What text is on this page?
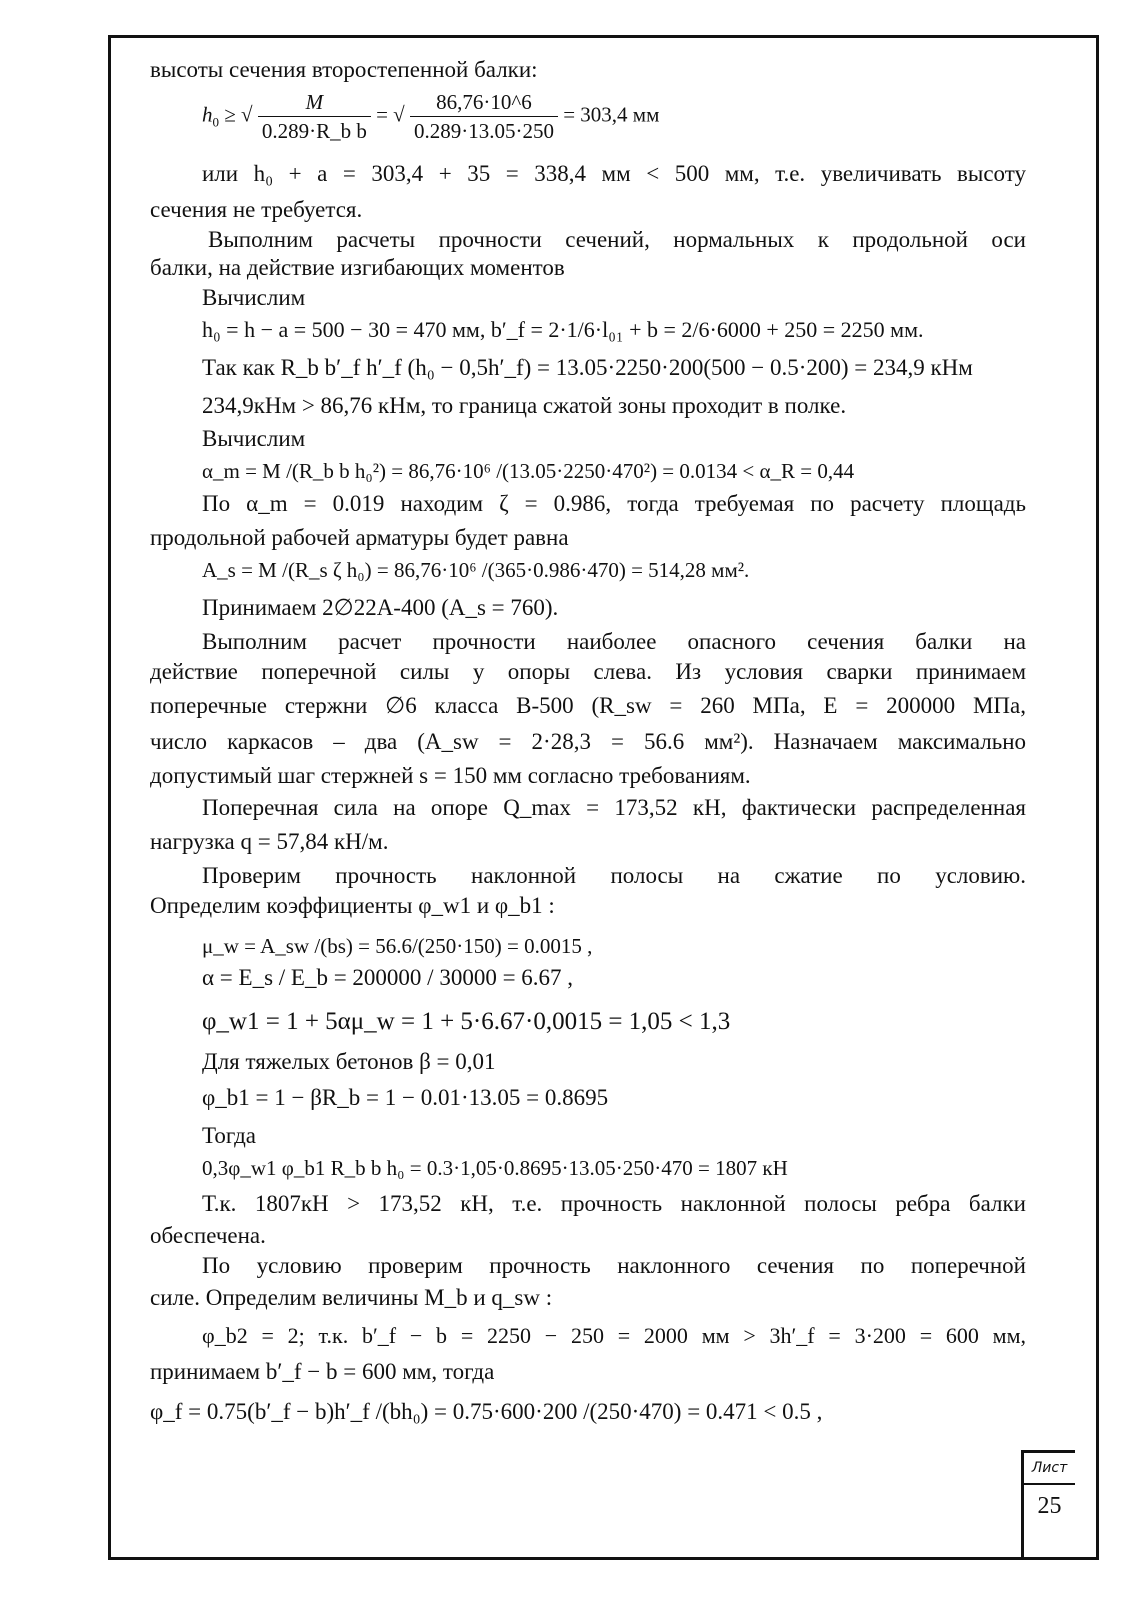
высоты сечения второстепенной балки:
$h_0$ ≥ √ $\frac{M}{\text{0.289·R\_b b}}$ = √ $\frac{86,76\cdot 10\^{}6}{0.289\cdot 13.05\cdot 250} = 303,4$ мм
или h₀ + a = 303,4 + 35 = 338,4 мм < 500 мм, т.е. увеличивать высоту
сечения не требуется.
Выполним расчеты прочности сечений, нормальных к продольной оси
балки, на действие изгибающих моментов
Вычислим
h₀ = h − a = 500 − 30 = 470 мм, b′_f = 2·1/6·l₀₁ + b = 2/6·6000 + 250 = 2250 мм.
Так как R_b b′_f h′_f (h₀ − 0,5h′_f) = 13.05·2250·200(500 − 0.5·200) = 234,9 кНм
234,9кНм > 86,76 кНм, то граница сжатой зоны проходит в полке.
Вычислим
α_m = M /(R_b b h₀²) = 86,76·10⁶ /(13.05·2250·470²) = 0.0134 < α_R = 0,44
По α_m = 0.019 находим ζ = 0.986, тогда требуемая по расчету площадь
продольной рабочей арматуры будет равна
A_s = M /(R_s ζ h₀) = 86,76·10⁶ /(365·0.986·470) = 514,28 мм².
Принимаем 2∅22А-400 (A_s = 760).
Выполним расчет прочности наиболее опасного сечения балки на
действие поперечной силы у опоры слева. Из условия сварки принимаем
поперечные стержни ∅6 класса В-500 (R_sw = 260 МПа, E = 200000 МПа,
число каркасов – два (A_sw = 2·28,3 = 56.6 мм²). Назначаем максимально
допустимый шаг стержней s = 150 мм согласно требованиям.
Поперечная сила на опоре Q_max = 173,52 кН, фактически распределенная
нагрузка q = 57,84 кН/м.
Проверим прочность наклонной полосы на сжатие по условию.
Определим коэффициенты φ_w1 и φ_b1 :
μ_w = A_sw /(bs) = 56.6/(250·150) = 0.0015 ,
α = E_s / E_b = 200000 / 30000 = 6.67 ,
φ_w1 = 1 + 5αμ_w = 1 + 5·6.67·0,0015 = 1,05 < 1,3
Для тяжелых бетонов β = 0,01
φ_b1 = 1 − βR_b = 1 − 0.01·13.05 = 0.8695
Тогда
0,3φ_w1 φ_b1 R_b b h₀ = 0.3·1,05·0.8695·13.05·250·470 = 1807 кН
Т.к. 1807кН > 173,52 кН, т.е. прочность наклонной полосы ребра балки
обеспечена.
По условию проверим прочность наклонного сечения по поперечной
силе. Определим величины M_b и q_sw :
φ_b2 = 2; т.к. b′_f − b = 2250 − 250 = 2000 мм > 3h′_f = 3·200 = 600 мм,
принимаем b′_f − b = 600 мм, тогда
φ_f = 0.75(b′_f − b)h′_f /(bh₀) = 0.75·600·200 /(250·470) = 0.471 < 0.5 ,
Лист
25
